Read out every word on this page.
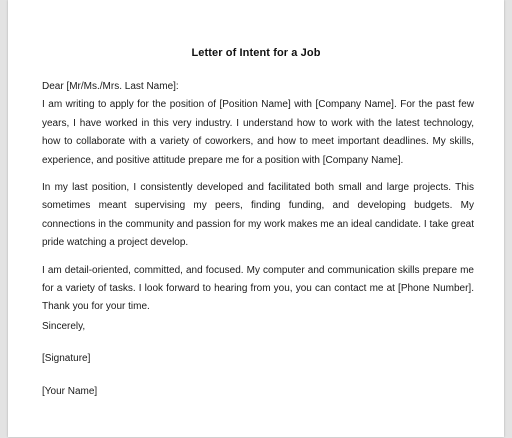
Letter of Intent for a Job

Dear [Mr/Ms./Mrs. Last Name]:

I am writing to apply for the position of [Position Name] with [Company Name]. For the past few years, I have worked in this very industry. I understand how to work with the latest technology, how to collaborate with a variety of coworkers, and how to meet important deadlines. My skills, experience, and positive attitude prepare me for a position with [Company Name].

In my last position, I consistently developed and facilitated both small and large projects. This sometimes meant supervising my peers, finding funding, and developing budgets. My connections in the community and passion for my work makes me an ideal candidate. I take great pride watching a project develop.

I am detail-oriented, committed, and focused. My computer and communication skills prepare me for a variety of tasks. I look forward to hearing from you, you can contact me at [Phone Number]. Thank you for your time.

Sincerely,
[Signature]
[Your Name]
